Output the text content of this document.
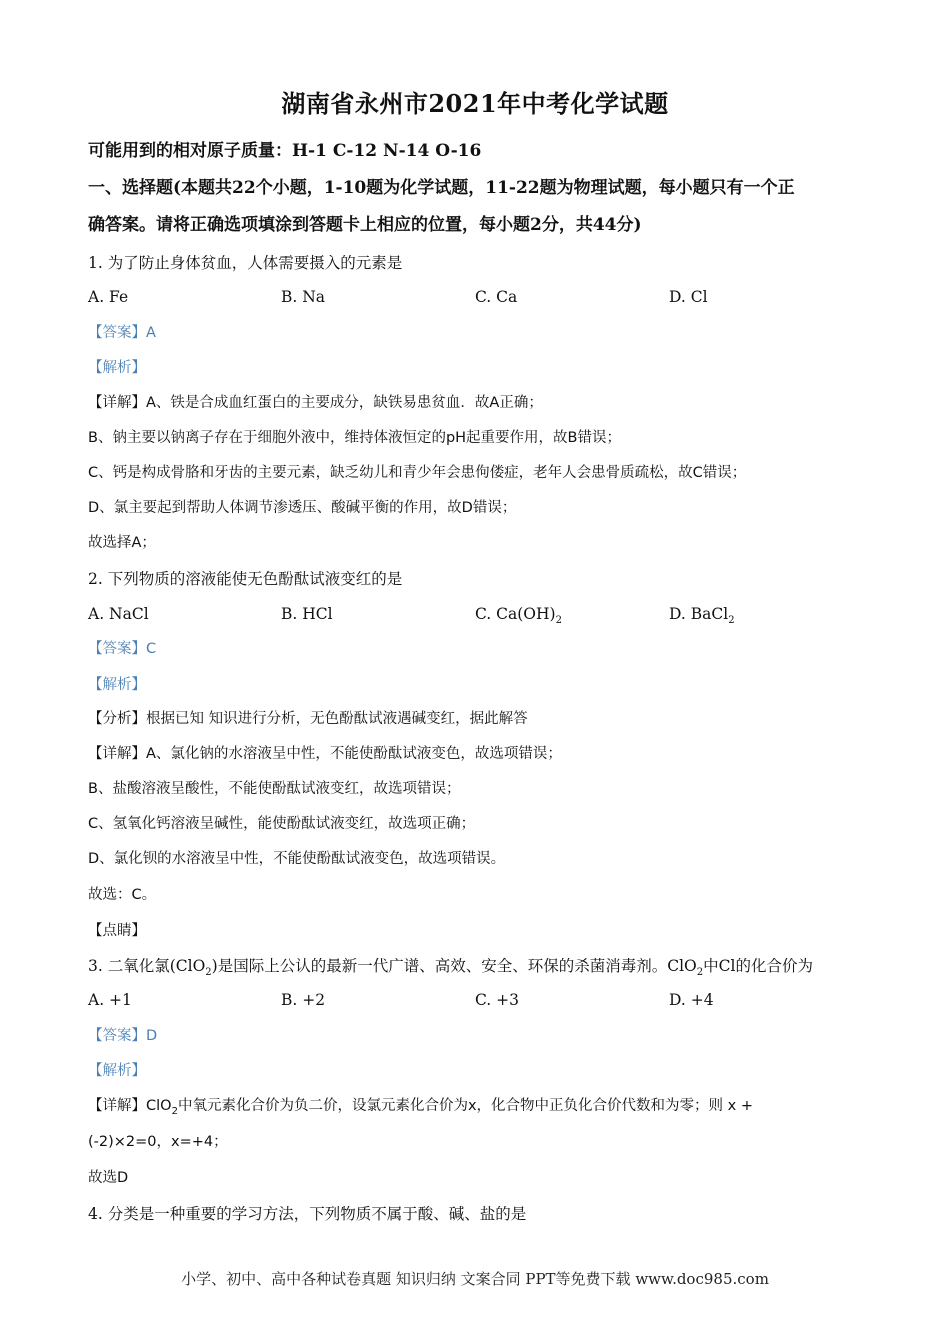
湖南省永州市2021年中考化学试题
可能用到的相对原子质量：H-1 C-12 N-14 O-16
一、选择题(本题共22个小题，1-10题为化学试题，11-22题为物理试题，每小题只有一个正
确答案。请将正确选项填涂到答题卡上相应的位置，每小题2分，共44分)
1. 为了防止身体贫血，人体需要摄入的元素是
A. Fe	B. Na	C. Ca	D. Cl
【答案】A
【解析】
【详解】A、铁是合成血红蛋白的主要成分，缺铁易患贫血．故A正确；
B、钠主要以钠离子存在于细胞外液中，维持体液恒定的pH起重要作用，故B错误；
C、钙是构成骨胳和牙齿的主要元素，缺乏幼儿和青少年会患佝偻症，老年人会患骨质疏松，故C错误；
D、氯主要起到帮助人体调节渗透压、酸碱平衡的作用，故D错误；
故选择A；
2. 下列物质的溶液能使无色酚酞试液变红的是
A. NaCl	B. HCl	C. $Ca(OH)_2$	D. BaCl$_2$
【答案】C
【解析】
【分析】根据已知 知识进行分析，无色酚酞试液遇碱变红，据此解答
【详解】A、氯化钠的水溶液呈中性，不能使酚酞试液变色，故选项错误；
B、盐酸溶液呈酸性，不能使酚酞试液变红，故选项错误；
C、氢氧化钙溶液呈碱性，能使酚酞试液变红，故选项正确；
D、氯化钡的水溶液呈中性，不能使酚酞试液变色，故选项错误。
故选：C。
【点睛】
3. 二氧化氯(ClO$_2$)是国际上公认的最新一代广谱、高效、安全、环保的杀菌消毒剂。ClO$_2$中Cl的化合价为
A. +1	B. +2	C. +3	D. +4
【答案】D
【解析】
【详解】ClO$_2$中氧元素化合价为负二价，设氯元素化合价为x，化合物中正负化合价代数和为零；则 x +
(-2)×2=0，x=+4；
故选D
4. 分类是一种重要的学习方法，下列物质不属于酸、碱、盐的是
小学、初中、高中各种试卷真题 知识归纳 文案合同 PPT等免费下载 www.doc985.com
